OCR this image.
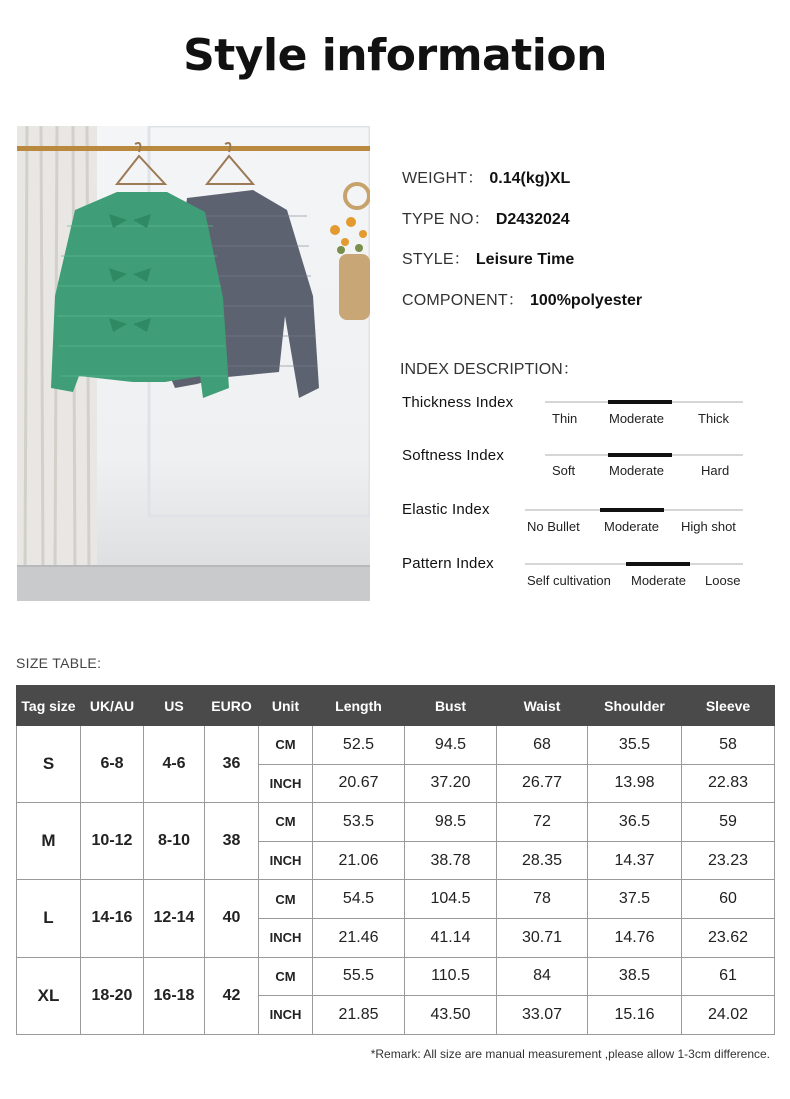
Style information
WEIGHT： 0.14(kg)XL
TYPE NO： D2432024
STYLE： Leisure Time
COMPONENT： 100%polyester
INDEX DESCRIPTION：
Thickness Index
Thin Moderate	Thick
Softness Index
Soft	Moderate	Hard
Elastic Index
No Bullet Moderate High shot
Pattern Index
Self cultivation Moderate Loose
SIZE TABLE:
Tag size	UK/AU	US	EURO	Unit	Length	Bust	Waist	Shoulder	Sleeve
S	6-8	4-6	36	CM	52.5	94.5	68	35.5	58
				INCH	20.67	37.20	26.77	13.98	22.83
M	10-12	8-10	38	CM	53.5	98.5	72	36.5	59
				INCH	21.06	38.78	28.35	14.37	23.23
L	14-16	12-14	40	CM	54.5	104.5	78	37.5	60
				INCH	21.46	41.14	30.71	14.76	23.62
XL	18-20	16-18	42	CM	55.5	110.5	84	38.5	61
				INCH	21.85	43.50	33.07	15.16	24.02
*Remark: All size are manual measurement ,please allow 1-3cm difference.
